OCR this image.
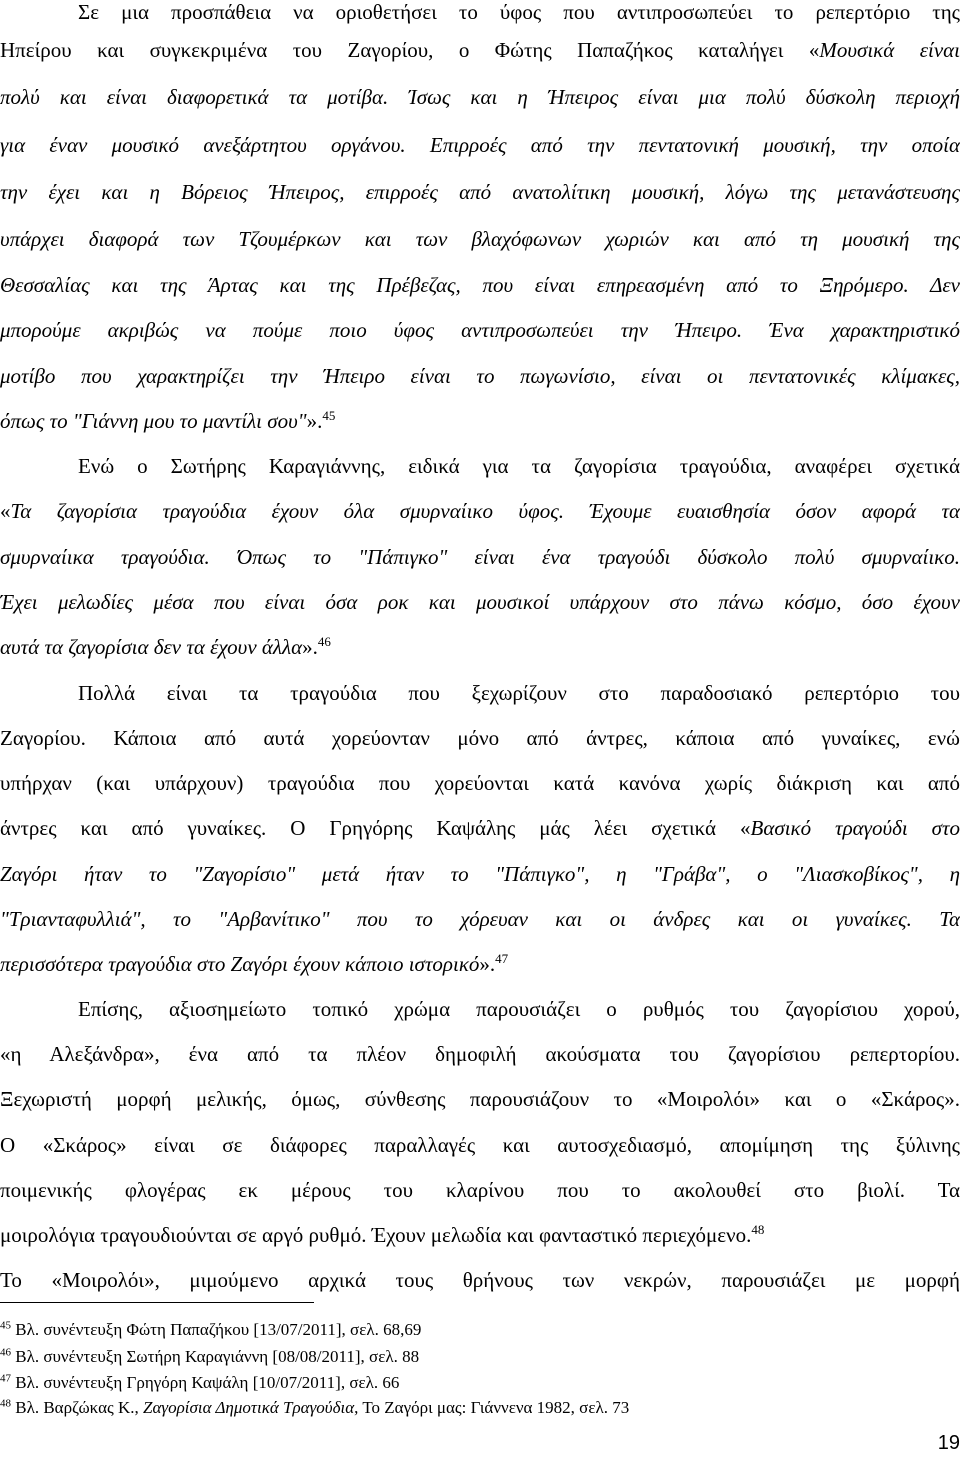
Σε μια προσπάθεια να οριοθετήσει το ύφος που αντιπροσωπεύει το ρεπερτόριο της
Ηπείρου και συγκεκριμένα του Ζαγορίου, ο Φώτης Παπαζήκος καταλήγει «Μουσικά είναι
πολύ και είναι διαφορετικά τα μοτίβα. Ίσως και η Ήπειρος είναι μια πολύ δύσκολη περιοχή
για έναν μουσικό ανεξάρτητου οργάνου. Επιρροές από την πεντατονική μουσική, την οποία
την έχει και η Βόρειος Ήπειρος, επιρροές από ανατολίτικη μουσική, λόγω της μετανάστευσης
υπάρχει διαφορά των Τζουμέρκων και των βλαχόφωνων χωριών και από τη μουσική της
Θεσσαλίας και της Άρτας και της Πρέβεζας, που είναι επηρεασμένη από το Ξηρόμερο. Δεν
μπορούμε ακριβώς να πούμε ποιο ύφος αντιπροσωπεύει την Ήπειρο. Ένα χαρακτηριστικό
μοτίβο που χαρακτηρίζει την Ήπειρο είναι το πωγωνίσιο, είναι οι πεντατονικές κλίμακες,
όπως το "Γιάννη μου το μαντίλι σου"».$^{45}$
Ενώ ο Σωτήρης Καραγιάννης, ειδικά για τα ζαγορίσια τραγούδια, αναφέρει σχετικά
«Τα ζαγορίσια τραγούδια έχουν όλα σμυρναίικο ύφος. Έχουμε ευαισθησία όσον αφορά τα
σμυρναίικα τραγούδια. Όπως το "Πάπιγκο" είναι ένα τραγούδι δύσκολο πολύ σμυρναίικο.
Έχει μελωδίες μέσα που είναι όσα ροκ και μουσικοί υπάρχουν στο πάνω κόσμο, όσο έχουν
αυτά τα ζαγορίσια δεν τα έχουν άλλα».$^{46}$
Πολλά είναι τα τραγούδια που ξεχωρίζουν στο παραδοσιακό ρεπερτόριο του
Ζαγορίου. Κάποια από αυτά χορεύονταν μόνο από άντρες, κάποια από γυναίκες, ενώ
υπήρχαν (και υπάρχουν) τραγούδια που χορεύονται κατά κανόνα χωρίς διάκριση και από
άντρες και από γυναίκες. Ο Γρηγόρης Καψάλης μάς λέει σχετικά «Βασικό τραγούδι στο
Ζαγόρι ήταν το "Ζαγορίσιο" μετά ήταν το "Πάπιγκο", η "Γράβα", ο "Λιασκοβίκος", η
"Τριανταφυλλιά", το "Αρβανίτικο" που το χόρευαν και οι άνδρες και οι γυναίκες. Τα
περισσότερα τραγούδια στο Ζαγόρι έχουν κάποιο ιστορικό».$^{47}$
Επίσης, αξιοσημείωτο τοπικό χρώμα παρουσιάζει ο ρυθμός του ζαγορίσιου χορού,
«η Αλεξάνδρα», ένα από τα πλέον δημοφιλή ακούσματα του ζαγορίσιου ρεπερτορίου.
Ξεχωριστή μορφή μελικής, όμως, σύνθεσης παρουσιάζουν το «Μοιρολόι» και ο «Σκάρος».
Ο «Σκάρος» είναι σε διάφορες παραλλαγές και αυτοσχεδιασμό, απομίμηση της ξύλινης
ποιμενικής φλογέρας εκ μέρους του κλαρίνου που το ακολουθεί στο βιολί. Τα
μοιρολόγια τραγουδιούνται σε αργό ρυθμό. Έχουν μελωδία και φανταστικό περιεχόμενο.$^{48}$
Το «Μοιρολόι», μιμούμενο αρχικά τους θρήνους των νεκρών, παρουσιάζει με μορφή
$^{45}$ Βλ. συνέντευξη Φώτη Παπαζήκου [13/07/2011], σελ. 68,69
$^{46}$ Βλ. συνέντευξη Σωτήρη Καραγιάννη [08/08/2011], σελ. 88
$^{47}$ Βλ. συνέντευξη Γρηγόρη Καψάλη [10/07/2011], σελ. 66
$^{48}$ Βλ. Βαρζώκας Κ., Ζαγορίσια Δημοτικά Τραγούδια, Το Ζαγόρι μας: Γιάννενα 1982, σελ. 73
19
